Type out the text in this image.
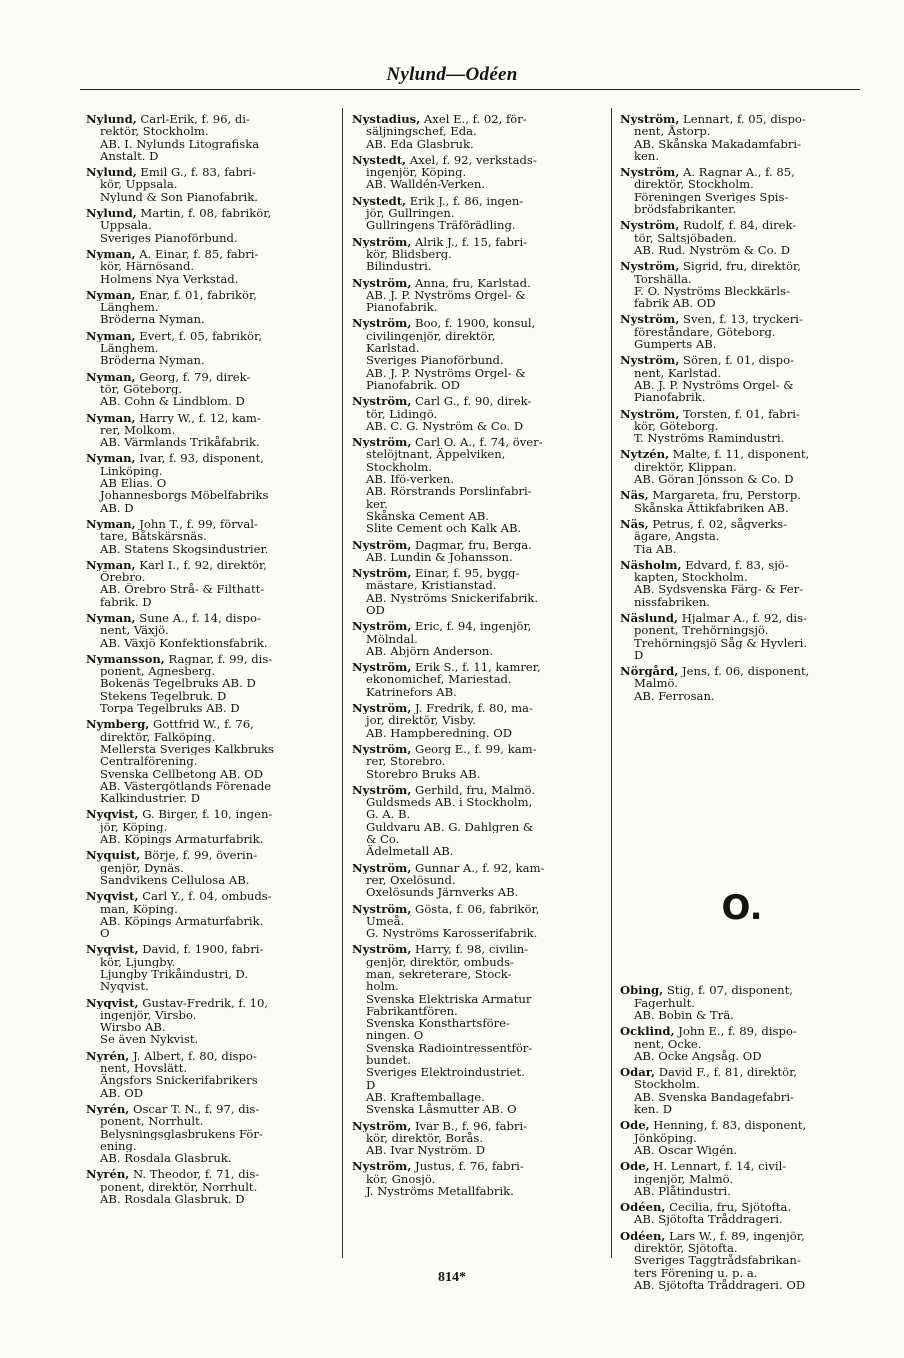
Nylund—Odéen
Nylund, Carl-Erik, f. 96, di-
rektör, Stockholm.
AB. I. Nylunds Litografiska
Anstalt. D
Nylund, Emil G., f. 83, fabri-
kör, Uppsala.
Nylund & Son Pianofabrik.
Nylund, Martin, f. 08, fabrikör,
Uppsala.
Sveriges Pianoförbund.
Nyman, A. Einar, f. 85, fabri-
kör, Härnösand.
Holmens Nya Verkstad.
Nyman, Enar, f. 01, fabrikör,
Länghem.
Bröderna Nyman.
Nyman, Evert, f. 05, fabrikör,
Länghem.
Bröderna Nyman.
Nyman, Georg, f. 79, direk-
tör, Göteborg.
AB. Cohn & Lindblom. D
Nyman, Harry W., f. 12, kam-
rer, Molkom.
AB. Värmlands Trikåfabrik.
Nyman, Ivar, f. 93, disponent,
Linköping.
AB Elias. O
Johannesborgs Möbelfabriks
AB. D
Nyman, John T., f. 99, förval-
tare, Båtskärsnäs.
AB. Statens Skogsindustrier.
Nyman, Karl I., f. 92, direktör,
Örebro.
AB. Örebro Strå- & Filthatt-
fabrik. D
Nyman, Sune A., f. 14, dispo-
nent, Växjö.
AB. Växjö Konfektionsfabrik.
Nymansson, Ragnar, f. 99, dis-
ponent, Agnesberg.
Bokenäs Tegelbruks AB. D
Stekens Tegelbruk. D
Torpa Tegelbruks AB. D
Nymberg, Gottfrid W., f. 76,
direktör, Falköping.
Mellersta Sveriges Kalkbruks
Centralförening.
Svenska Cellbetong AB. OD
AB. Västergötlands Förenade
Kalkindustrier. D
Nyqvist, G. Birger, f. 10, ingen-
jör, Köping.
AB. Köpings Armaturfabrik.
Nyquist, Börje, f. 99, överin-
genjör, Dynäs.
Sandvikens Cellulosa AB.
Nyqvist, Carl Y., f. 04, ombuds-
man, Köping.
AB. Köpings Armaturfabrik.
O
Nyqvist, David, f. 1900, fabri-
kör, Ljungby.
Ljungby Trikåindustri, D.
Nyqvist.
Nyqvist, Gustav-Fredrik, f. 10,
ingenjör, Virsbo.
Wirsbo AB.
Se även Nykvist.
Nyrén, J. Albert, f. 80, dispo-
nent, Hovslätt.
Ängsfors Snickerifabrikers
AB. OD
Nyrén, Oscar T. N., f. 97, dis-
ponent, Norrhult.
Belysningsglasbrukens För-
ening.
AB. Rosdala Glasbruk.
Nyrén, N. Theodor, f. 71, dis-
ponent, direktör, Norrhult.
AB. Rosdala Glasbruk. D
Nystadius, Axel E., f. 02, för-
säljningschef, Eda.
AB. Eda Glasbruk.
Nystedt, Axel, f. 92, verkstads-
ingenjör, Köping.
AB. Walldén-Verken.
Nystedt, Erik J., f. 86, ingen-
jör, Gullringen.
Gullringens Träförädling.
Nyström, Alrik J., f. 15, fabri-
kör, Blidsberg.
Bilindustri.
Nyström, Anna, fru, Karlstad.
AB. J. P. Nyströms Orgel- &
Pianofabrik.
Nyström, Boo, f. 1900, konsul,
civilingenjör, direktör,
Karlstad.
Sveriges Pianoförbund.
AB. J. P. Nyströms Orgel- &
Pianofabrik. OD
Nyström, Carl G., f. 90, direk-
tör, Lidingö.
AB. C. G. Nyström & Co. D
Nyström, Carl O. A., f. 74, över-
stelöjtnant, Äppelviken,
Stockholm.
AB. Ifö-verken.
AB. Rörstrands Porslinfabri-
ker.
Skånska Cement AB.
Slite Cement och Kalk AB.
Nyström, Dagmar, fru, Berga.
AB. Lundin & Johansson.
Nyström, Einar, f. 95, bygg-
mästare, Kristianstad.
AB. Nyströms Snickerifabrik.
OD
Nyström, Eric, f. 94, ingenjör,
Mölndal.
AB. Abjörn Anderson.
Nyström, Erik S., f. 11, kamrer,
ekonomichef, Mariestad.
Katrinefors AB.
Nyström, J. Fredrik, f. 80, ma-
jor, direktör, Visby.
AB. Hampberedning. OD
Nyström, Georg E., f. 99, kam-
rer, Storebro.
Storebro Bruks AB.
Nyström, Gerhild, fru, Malmö.
Guldsmeds AB. i Stockholm,
G. A. B.
Guldvaru AB. G. Dahlgren &
& Co.
Ädelmetall AB.
Nyström, Gunnar A., f. 92, kam-
rer, Oxelösund.
Oxelösunds Järnverks AB.
Nyström, Gösta, f. 06, fabrikör,
Umeå.
G. Nyströms Karosserifabrik.
Nyström, Harry, f. 98, civilin-
genjör, direktör, ombuds-
man, sekreterare, Stock-
holm.
Svenska Elektriska Armatur
Fabrikantfören.
Svenska Konsthartsföre-
ningen. O
Svenska Radiointressentför-
bundet.
Sveriges Elektroindustriet.
D
AB. Kraftemballage.
Svenska Låsmutter AB. O
Nyström, Ivar B., f. 96, fabri-
kör, direktör, Borås.
AB. Ivar Nyström. D
Nyström, Justus, f. 76, fabri-
kör, Gnosjö.
J. Nyströms Metallfabrik.
Nyström, Lennart, f. 05, dispo-
nent, Åstorp.
AB. Skånska Makadamfabri-
ken.
Nyström, A. Ragnar A., f. 85,
direktör, Stockholm.
Föreningen Sveriges Spis-
brödsfabrikanter.
Nyström, Rudolf, f. 84, direk-
tör, Saltsjöbaden.
AB. Rud. Nyström & Co. D
Nyström, Sigrid, fru, direktör,
Torshälla.
F. O. Nyströms Bleckkärls-
fabrik AB. OD
Nyström, Sven, f. 13, tryckeri-
föreståndare, Göteborg.
Gumperts AB.
Nyström, Sören, f. 01, dispo-
nent, Karlstad.
AB. J. P. Nyströms Orgel- &
Pianofabrik.
Nyström, Torsten, f. 01, fabri-
kör, Göteborg.
T. Nyströms Ramindustri.
Nytzén, Malte, f. 11, disponent,
direktör, Klippan.
AB. Göran Jönsson & Co. D
Näs, Margareta, fru, Perstorp.
Skånska Ättikfabriken AB.
Näs, Petrus, f. 02, sågverks-
ägare, Angsta.
Tia AB.
Näsholm, Edvard, f. 83, sjö-
kapten, Stockholm.
AB. Sydsvenska Färg- & Fer-
nissfabriken.
Näslund, Hjalmar A., f. 92, dis-
ponent, Trehörningsjö.
Trehörningsjö Såg & Hyvleri.
D
Nörgård, Jens, f. 06, disponent,
Malmö.
AB. Ferrosan.
O.
Obing, Stig, f. 07, disponent,
Fagerhult.
AB. Bobin & Trä.
Ocklind, John E., f. 89, dispo-
nent, Ocke.
AB. Ocke Angsåg. OD
Odar, David F., f. 81, direktör,
Stockholm.
AB. Svenska Bandagefabri-
ken. D
Ode, Henning, f. 83, disponent,
Jönköping.
AB. Oscar Wigén.
Ode, H. Lennart, f. 14, civil-
ingenjör, Malmö.
AB. Plåtindustri.
Odéen, Cecilia, fru, Sjötofta.
AB. Sjötofta Tråddrageri.
Odéen, Lars W., f. 89, ingenjör,
direktör, Sjötofta.
Sveriges Taggtrådsfabrikan-
ters Förening u. p. a.
AB. Sjötofta Tråddrageri. OD
814*
